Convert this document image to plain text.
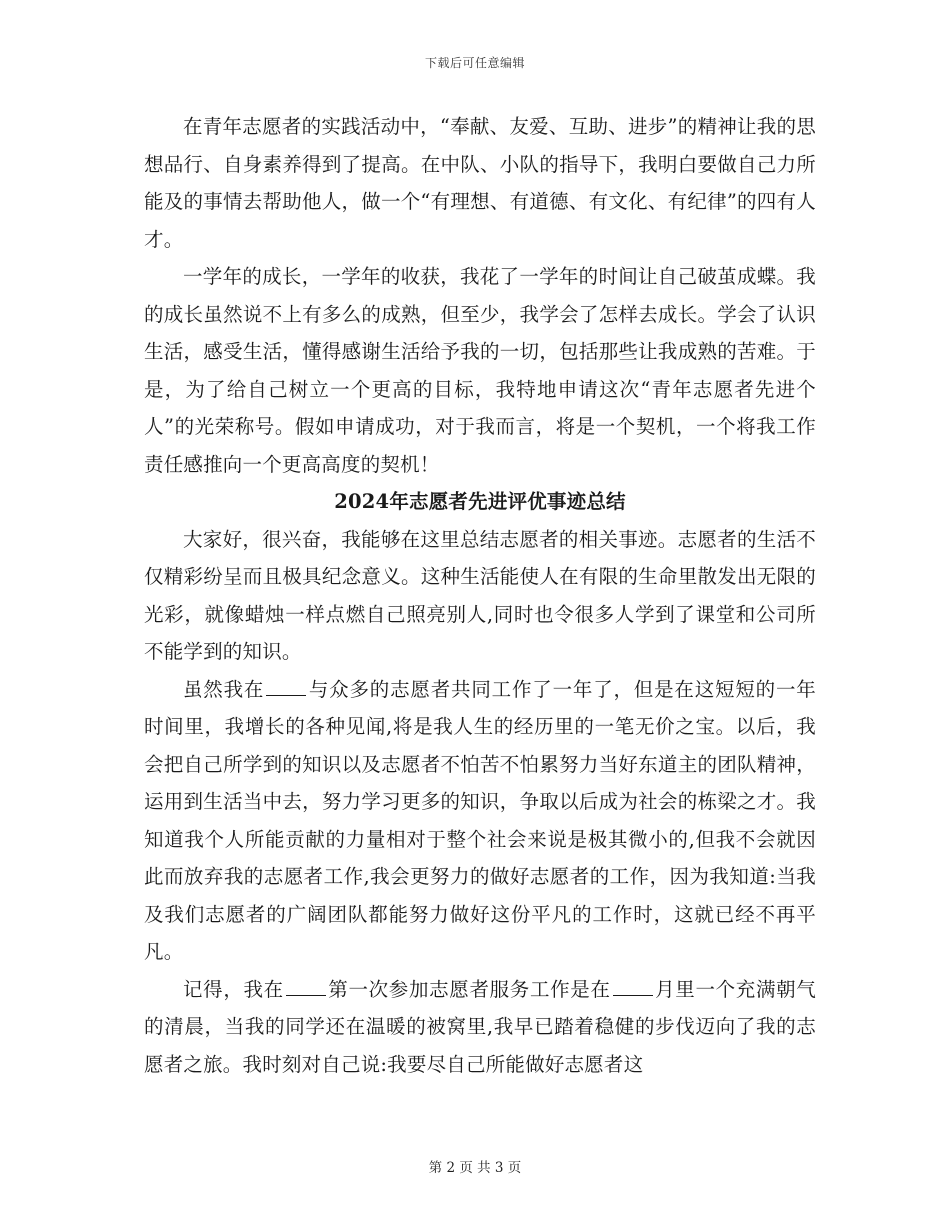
下载后可任意编辑

在青年志愿者的实践活动中，“奉献、友爱、互助、进步”的精神让我的思想品行、自身素养得到了提高。在中队、小队的指导下，我明白要做自己力所能及的事情去帮助他人，做一个“有理想、有道德、有文化、有纪律”的四有人才。

一学年的成长，一学年的收获，我花了一学年的时间让自己破茧成蝶。我的成长虽然说不上有多么的成熟，但至少，我学会了怎样去成长。学会了认识生活，感受生活，懂得感谢生活给予我的一切，包括那些让我成熟的苦难。于是，为了给自己树立一个更高的目标，我特地申请这次“青年志愿者先进个人”的光荣称号。假如申请成功，对于我而言，将是一个契机，一个将我工作责任感推向一个更高高度的契机！

2024年志愿者先进评优事迹总结

大家好，很兴奋，我能够在这里总结志愿者的相关事迹。志愿者的生活不仅精彩纷呈而且极具纪念意义。这种生活能使人在有限的生命里散发出无限的光彩，就像蜡烛一样点燃自己照亮别人,同时也令很多人学到了课堂和公司所不能学到的知识。

虽然我在 与众多的志愿者共同工作了一年了，但是在这短短的一年时间里，我增长的各种见闻,将是我人生的经历里的一笔无价之宝。以后，我会把自己所学到的知识以及志愿者不怕苦不怕累努力当好东道主的团队精神，运用到生活当中去，努力学习更多的知识，争取以后成为社会的栋梁之才。我知道我个人所能贡献的力量相对于整个社会来说是极其微小的,但我不会就因此而放弃我的志愿者工作,我会更努力的做好志愿者的工作，因为我知道:当我及我们志愿者的广阔团队都能努力做好这份平凡的工作时，这就已经不再平凡。

记得，我在 第一次参加志愿者服务工作是在 月里一个充满朝气的清晨，当我的同学还在温暖的被窝里,我早已踏着稳健的步伐迈向了我的志愿者之旅。我时刻对自己说:我要尽自己所能做好志愿者这

第 2 页 共 3 页
